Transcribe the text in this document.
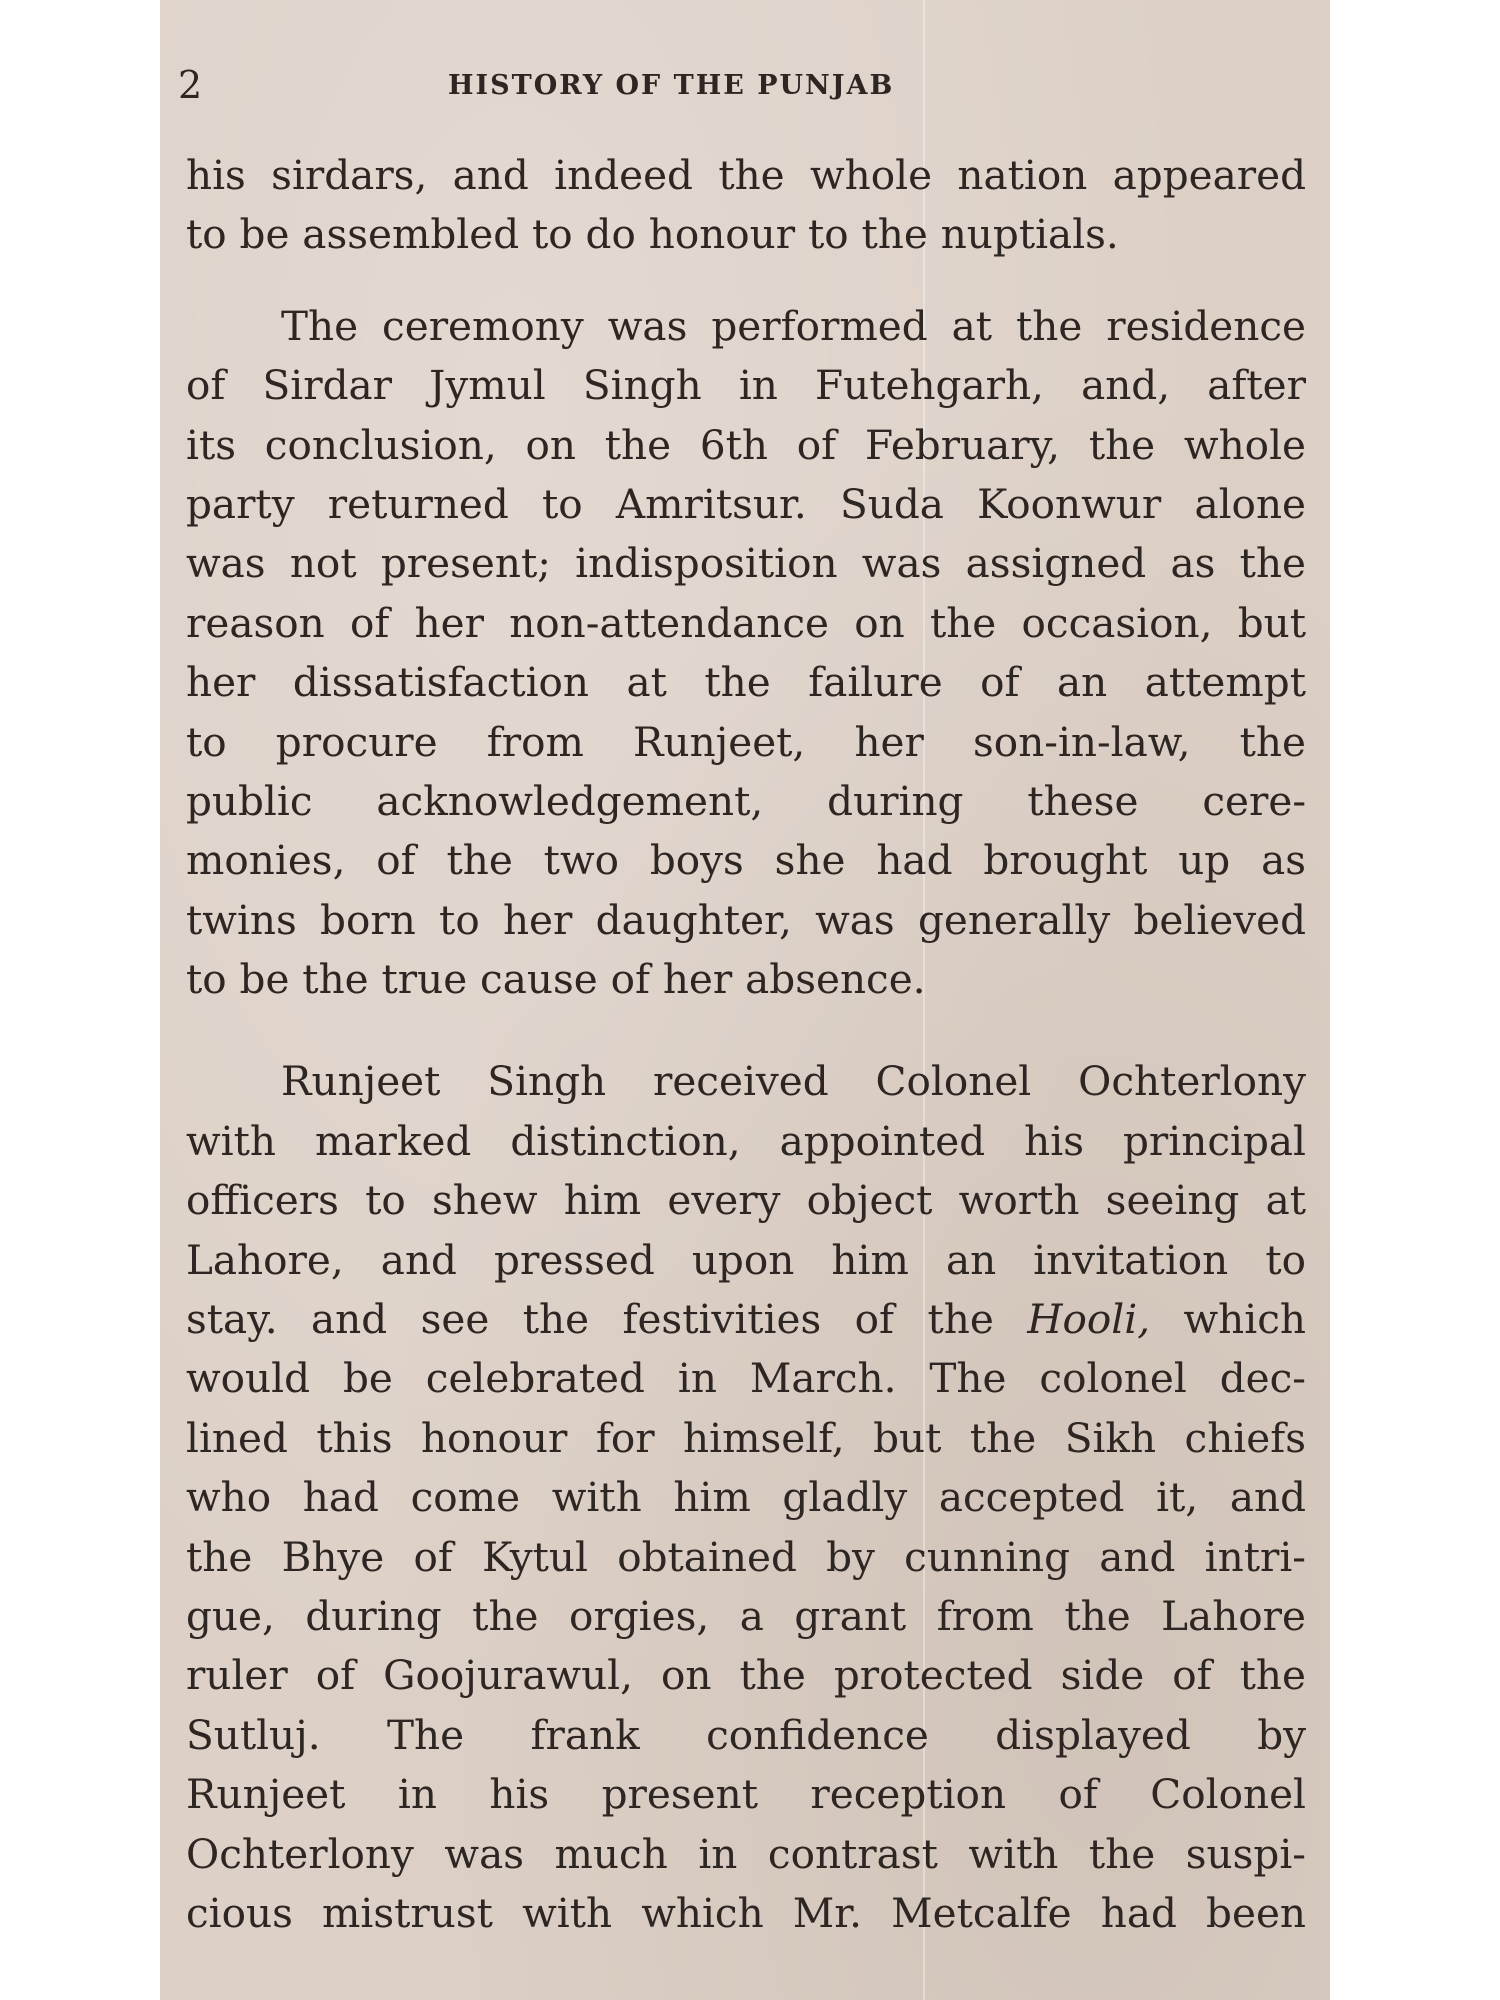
2	HISTORY OF THE PUNJAB
his sirdars, and indeed the whole nation appeared
to be assembled to do honour to the nuptials.
The ceremony was performed at the residence
of Sirdar Jymul Singh in Futehgarh, and, after
its conclusion, on the 6th of February, the whole
party returned to Amritsur. Suda Koonwur alone
was not present; indisposition was assigned as the
reason of her non-attendance on the occasion, but
her dissatisfaction at the failure of an attempt
to procure from Runjeet, her son-in-law, the
public acknowledgement, during these cere-
monies, of the two boys she had brought up as
twins born to her daughter, was generally believed
to be the true cause of her absence.
Runjeet Singh received Colonel Ochterlony
with marked distinction, appointed his principal
officers to shew him every object worth seeing at
Lahore, and pressed upon him an invitation to
stay. and see the festivities of the Hooli, which
would be celebrated in March. The colonel dec-
lined this honour for himself, but the Sikh chiefs
who had come with him gladly accepted it, and
the Bhye of Kytul obtained by cunning and intri-
gue, during the orgies, a grant from the Lahore
ruler of Goojurawul, on the protected side of the
Sutluj. The frank confidence displayed by
Runjeet in his present reception of Colonel
Ochterlony was much in contrast with the suspi-
cious mistrust with which Mr. Metcalfe had been
